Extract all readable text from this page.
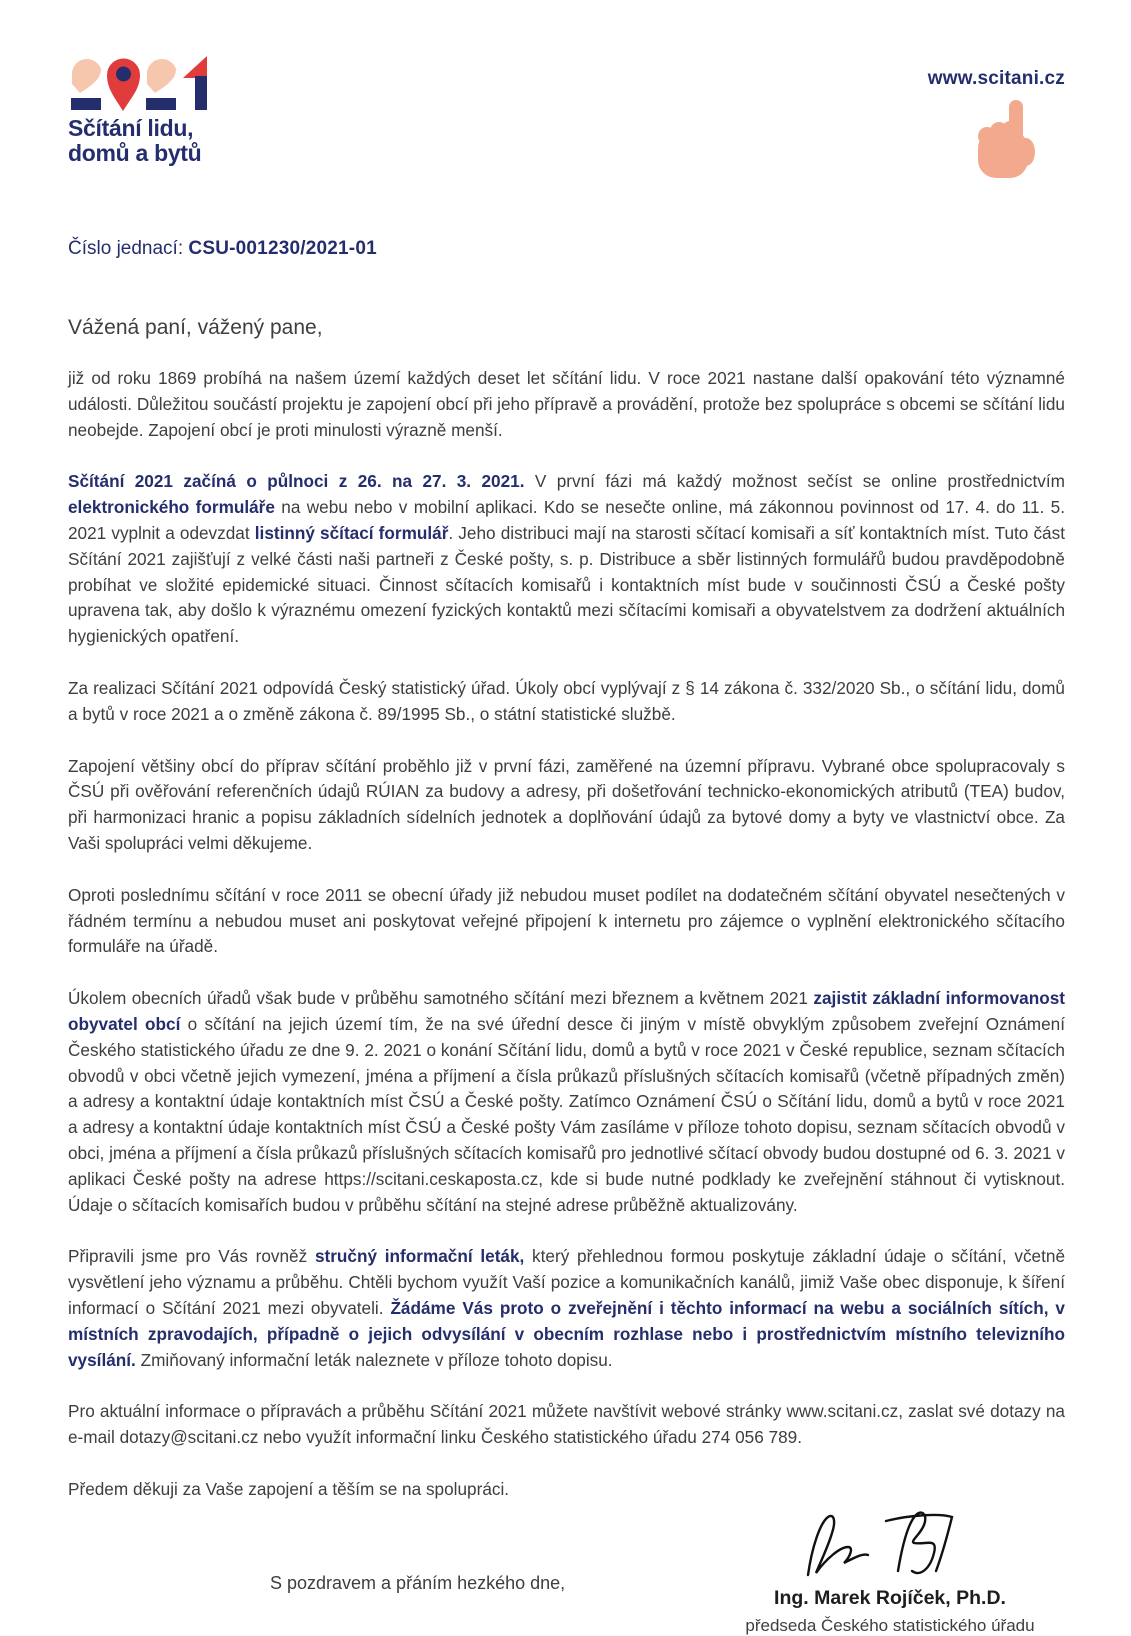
Sčítání lidu,
domů a bytů
www.scitani.cz
Číslo jednací: CSU-001230/2021-01
Vážená paní, vážený pane,

již od roku 1869 probíhá na našem území každých deset let sčítání lidu. V roce 2021 nastane další opakování této významné události. Důležitou součástí projektu je zapojení obcí při jeho přípravě a provádění, protože bez spolupráce s obcemi se sčítání lidu neobejde. Zapojení obcí je proti minulosti výrazně menší.

Sčítání 2021 začíná o půlnoci z 26. na 27. 3. 2021. V první fázi má každý možnost sečíst se online prostřednictvím elektronického formuláře na webu nebo v mobilní aplikaci. Kdo se nesečte online, má zákonnou povinnost od 17. 4. do 11. 5. 2021 vyplnit a odevzdat listinný sčítací formulář. Jeho distribuci mají na starosti sčítací komisaři a síť kontaktních míst. Tuto část Sčítání 2021 zajišťují z velké části naši partneři z České pošty, s. p. Distribuce a sběr listinných formulářů budou pravděpodobně probíhat ve složité epidemické situaci. Činnost sčítacích komisařů i kontaktních míst bude v součinnosti ČSÚ a České pošty upravena tak, aby došlo k výraznému omezení fyzických kontaktů mezi sčítacími komisaři a obyvatelstvem za dodržení aktuálních hygienických opatření.

Za realizaci Sčítání 2021 odpovídá Český statistický úřad. Úkoly obcí vyplývají z § 14 zákona č. 332/2020 Sb., o sčítání lidu, domů a bytů v roce 2021 a o změně zákona č. 89/1995 Sb., o státní statistické službě.

Zapojení většiny obcí do příprav sčítání proběhlo již v první fázi, zaměřené na územní přípravu. Vybrané obce spolupracovaly s ČSÚ při ověřování referenčních údajů RÚIAN za budovy a adresy, při došetřování technicko-ekonomických atributů (TEA) budov, při harmonizaci hranic a popisu základních sídelních jednotek a doplňování údajů za bytové domy a byty ve vlastnictví obce. Za Vaši spolupráci velmi děkujeme.

Oproti poslednímu sčítání v roce 2011 se obecní úřady již nebudou muset podílet na dodatečném sčítání obyvatel nesečtených v řádném termínu a nebudou muset ani poskytovat veřejné připojení k internetu pro zájemce o vyplnění elektronického sčítacího formuláře na úřadě.

Úkolem obecních úřadů však bude v průběhu samotného sčítání mezi březnem a květnem 2021 zajistit základní informovanost obyvatel obcí o sčítání na jejich území tím, že na své úřední desce či jiným v místě obvyklým způsobem zveřejní Oznámení Českého statistického úřadu ze dne 9. 2. 2021 o konání Sčítání lidu, domů a bytů v roce 2021 v České republice, seznam sčítacích obvodů v obci včetně jejich vymezení, jména a příjmení a čísla průkazů příslušných sčítacích komisařů (včetně případných změn) a adresy a kontaktní údaje kontaktních míst ČSÚ a České pošty. Zatímco Oznámení ČSÚ o Sčítání lidu, domů a bytů v roce 2021 a adresy a kontaktní údaje kontaktních míst ČSÚ a České pošty Vám zasíláme v příloze tohoto dopisu, seznam sčítacích obvodů v obci, jména a příjmení a čísla průkazů příslušných sčítacích komisařů pro jednotlivé sčítací obvody budou dostupné od 6. 3. 2021 v aplikaci České pošty na adrese https://scitani.ceskaposta.cz, kde si bude nutné podklady ke zveřejnění stáhnout či vytisknout. Údaje o sčítacích komisařích budou v průběhu sčítání na stejné adrese průběžně aktualizovány.

Připravili jsme pro Vás rovněž stručný informační leták, který přehlednou formou poskytuje základní údaje o sčítání, včetně vysvětlení jeho významu a průběhu. Chtěli bychom využít Vaší pozice a komunikačních kanálů, jimiž Vaše obec disponuje, k šíření informací o Sčítání 2021 mezi obyvateli. Žádáme Vás proto o zveřejnění i těchto informací na webu a sociálních sítích, v místních zpravodajích, případně o jejich odvysílání v obecním rozhlase nebo i prostřednictvím místního televizního vysílání. Zmiňovaný informační leták naleznete v příloze tohoto dopisu.

Pro aktuální informace o přípravách a průběhu Sčítání 2021 můžete navštívit webové stránky www.scitani.cz, zaslat své dotazy na e-mail dotazy@scitani.cz nebo využít informační linku Českého statistického úřadu 274 056 789.

Předem děkuji za Vaše zapojení a těším se na spolupráci.

S pozdravem a přáním hezkého dne,
Ing. Marek Rojíček, Ph.D.
předseda Českého statistického úřadu
